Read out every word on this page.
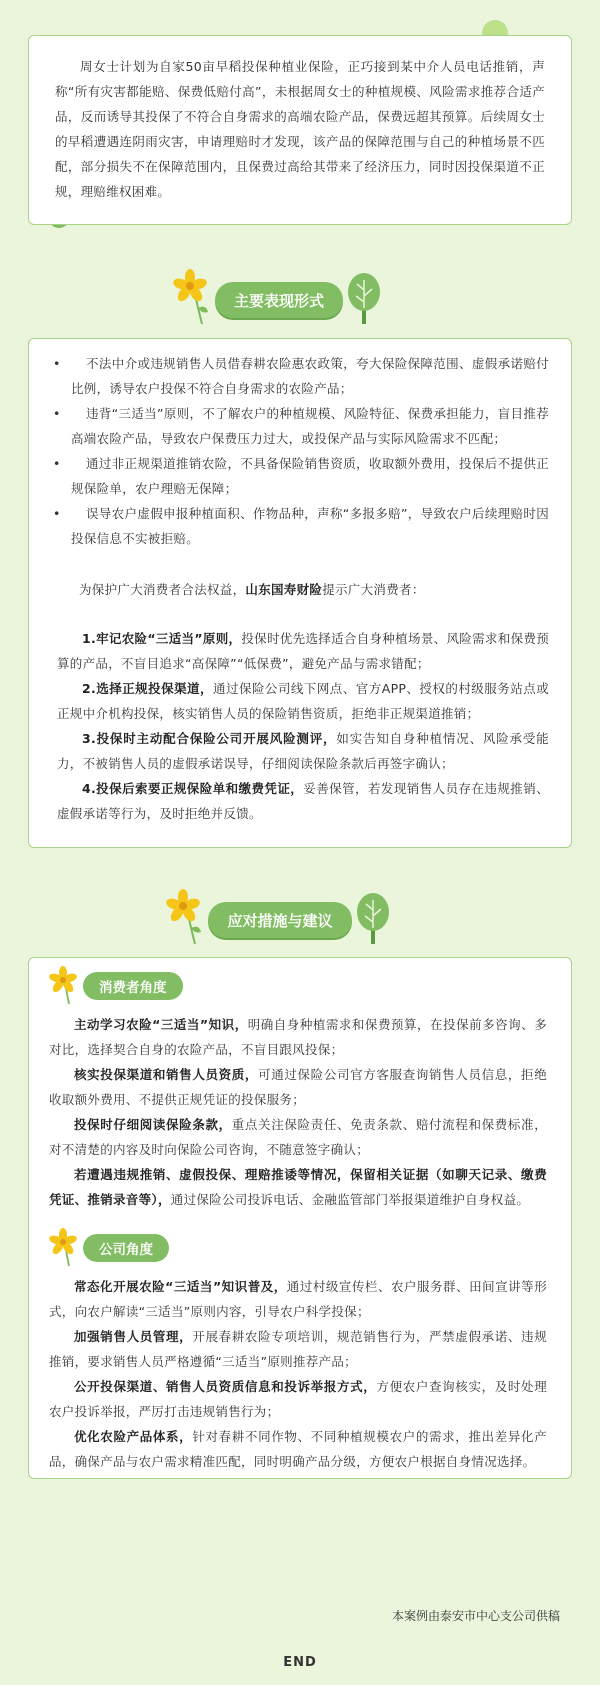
周女士计划为自家50亩早稻投保种植业保险，正巧接到某中介人员电话推销，声称“所有灾害都能赔、保费低赔付高”，未根据周女士的种植规模、风险需求推荐合适产品，反而诱导其投保了不符合自身需求的高端农险产品，保费远超其预算。后续周女士的早稻遭遇连阴雨灾害，申请理赔时才发现，该产品的保障范围与自己的种植场景不匹配，部分损失不在保障范围内，且保费过高给其带来了经济压力，同时因投保渠道不正规，理赔维权困难。

主要表现形式
•	不法中介或违规销售人员借春耕农险惠农政策，夸大保险保障范围、虚假承诺赔付比例，诱导农户投保不符合自身需求的农险产品；
•	违背“三适当”原则，不了解农户的种植规模、风险特征、保费承担能力，盲目推荐高端农险产品，导致农户保费压力过大，或投保产品与实际风险需求不匹配；
•	通过非正规渠道推销农险，不具备保险销售资质，收取额外费用，投保后不提供正规保险单，农户理赔无保障；
•	误导农户虚假申报种植面积、作物品种，声称“多报多赔”，导致农户后续理赔时因投保信息不实被拒赔。

为保护广大消费者合法权益，山东国寿财险提示广大消费者：

1.牢记农险“三适当”原则，投保时优先选择适合自身种植场景、风险需求和保费预算的产品，不盲目追求“高保障”“低保费”，避免产品与需求错配；

2.选择正规投保渠道，通过保险公司线下网点、官方APP、授权的村级服务站点或正规中介机构投保，核实销售人员的保险销售资质，拒绝非正规渠道推销；

3.投保时主动配合保险公司开展风险测评，如实告知自身种植情况、风险承受能力，不被销售人员的虚假承诺误导，仔细阅读保险条款后再签字确认；

4.投保后索要正规保险单和缴费凭证，妥善保管，若发现销售人员存在违规推销、虚假承诺等行为，及时拒绝并反馈。

应对措施与建议
消费者角度

主动学习农险“三适当”知识，明确自身种植需求和保费预算，在投保前多咨询、多对比，选择契合自身的农险产品，不盲目跟风投保；

核实投保渠道和销售人员资质，可通过保险公司官方客服查询销售人员信息，拒绝收取额外费用、不提供正规凭证的投保服务；

投保时仔细阅读保险条款，重点关注保险责任、免责条款、赔付流程和保费标准，对不清楚的内容及时向保险公司咨询，不随意签字确认；

若遭遇违规推销、虚假投保、理赔推诿等情况，保留相关证据（如聊天记录、缴费凭证、推销录音等），通过保险公司投诉电话、金融监管部门举报渠道维护自身权益。

公司角度

常态化开展农险“三适当”知识普及，通过村级宣传栏、农户服务群、田间宣讲等形式，向农户解读“三适当”原则内容，引导农户科学投保；

加强销售人员管理，开展春耕农险专项培训，规范销售行为，严禁虚假承诺、违规推销，要求销售人员严格遵循“三适当”原则推荐产品；

公开投保渠道、销售人员资质信息和投诉举报方式，方便农户查询核实，及时处理农户投诉举报，严厉打击违规销售行为；

优化农险产品体系，针对春耕不同作物、不同种植规模农户的需求，推出差异化产品，确保产品与农户需求精准匹配，同时明确产品分级，方便农户根据自身情况选择。

本案例由泰安市中心支公司供稿
END
